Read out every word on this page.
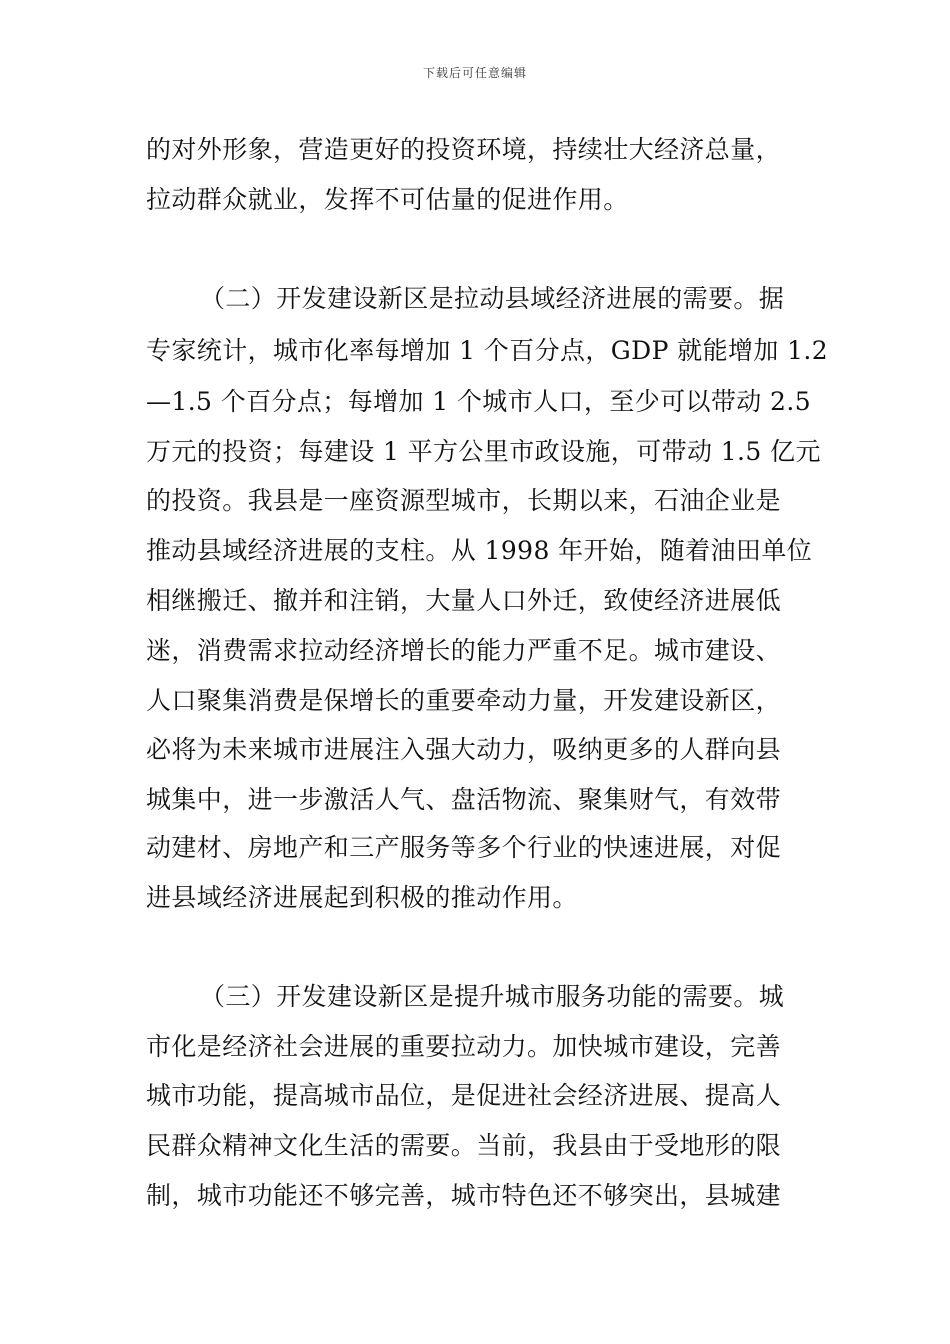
下载后可任意编辑
的对外形象，营造更好的投资环境，持续壮大经济总量，
拉动群众就业，发挥不可估量的促进作用。
（二）开发建设新区是拉动县域经济进展的需要。据
专家统计，城市化率每增加 1 个百分点，GDP 就能增加 1.2
—1.5 个百分点；每增加 1 个城市人口，至少可以带动 2.5
万元的投资；每建设 1 平方公里市政设施，可带动 1.5 亿元
的投资。我县是一座资源型城市，长期以来，石油企业是
推动县域经济进展的支柱。从 1998 年开始，随着油田单位
相继搬迁、撤并和注销，大量人口外迁，致使经济进展低
迷，消费需求拉动经济增长的能力严重不足。城市建设、
人口聚集消费是保增长的重要牵动力量，开发建设新区，
必将为未来城市进展注入强大动力，吸纳更多的人群向县
城集中，进一步激活人气、盘活物流、聚集财气，有效带
动建材、房地产和三产服务等多个行业的快速进展，对促
进县域经济进展起到积极的推动作用。
（三）开发建设新区是提升城市服务功能的需要。城
市化是经济社会进展的重要拉动力。加快城市建设，完善
城市功能，提高城市品位，是促进社会经济进展、提高人
民群众精神文化生活的需要。当前，我县由于受地形的限
制，城市功能还不够完善，城市特色还不够突出，县城建
